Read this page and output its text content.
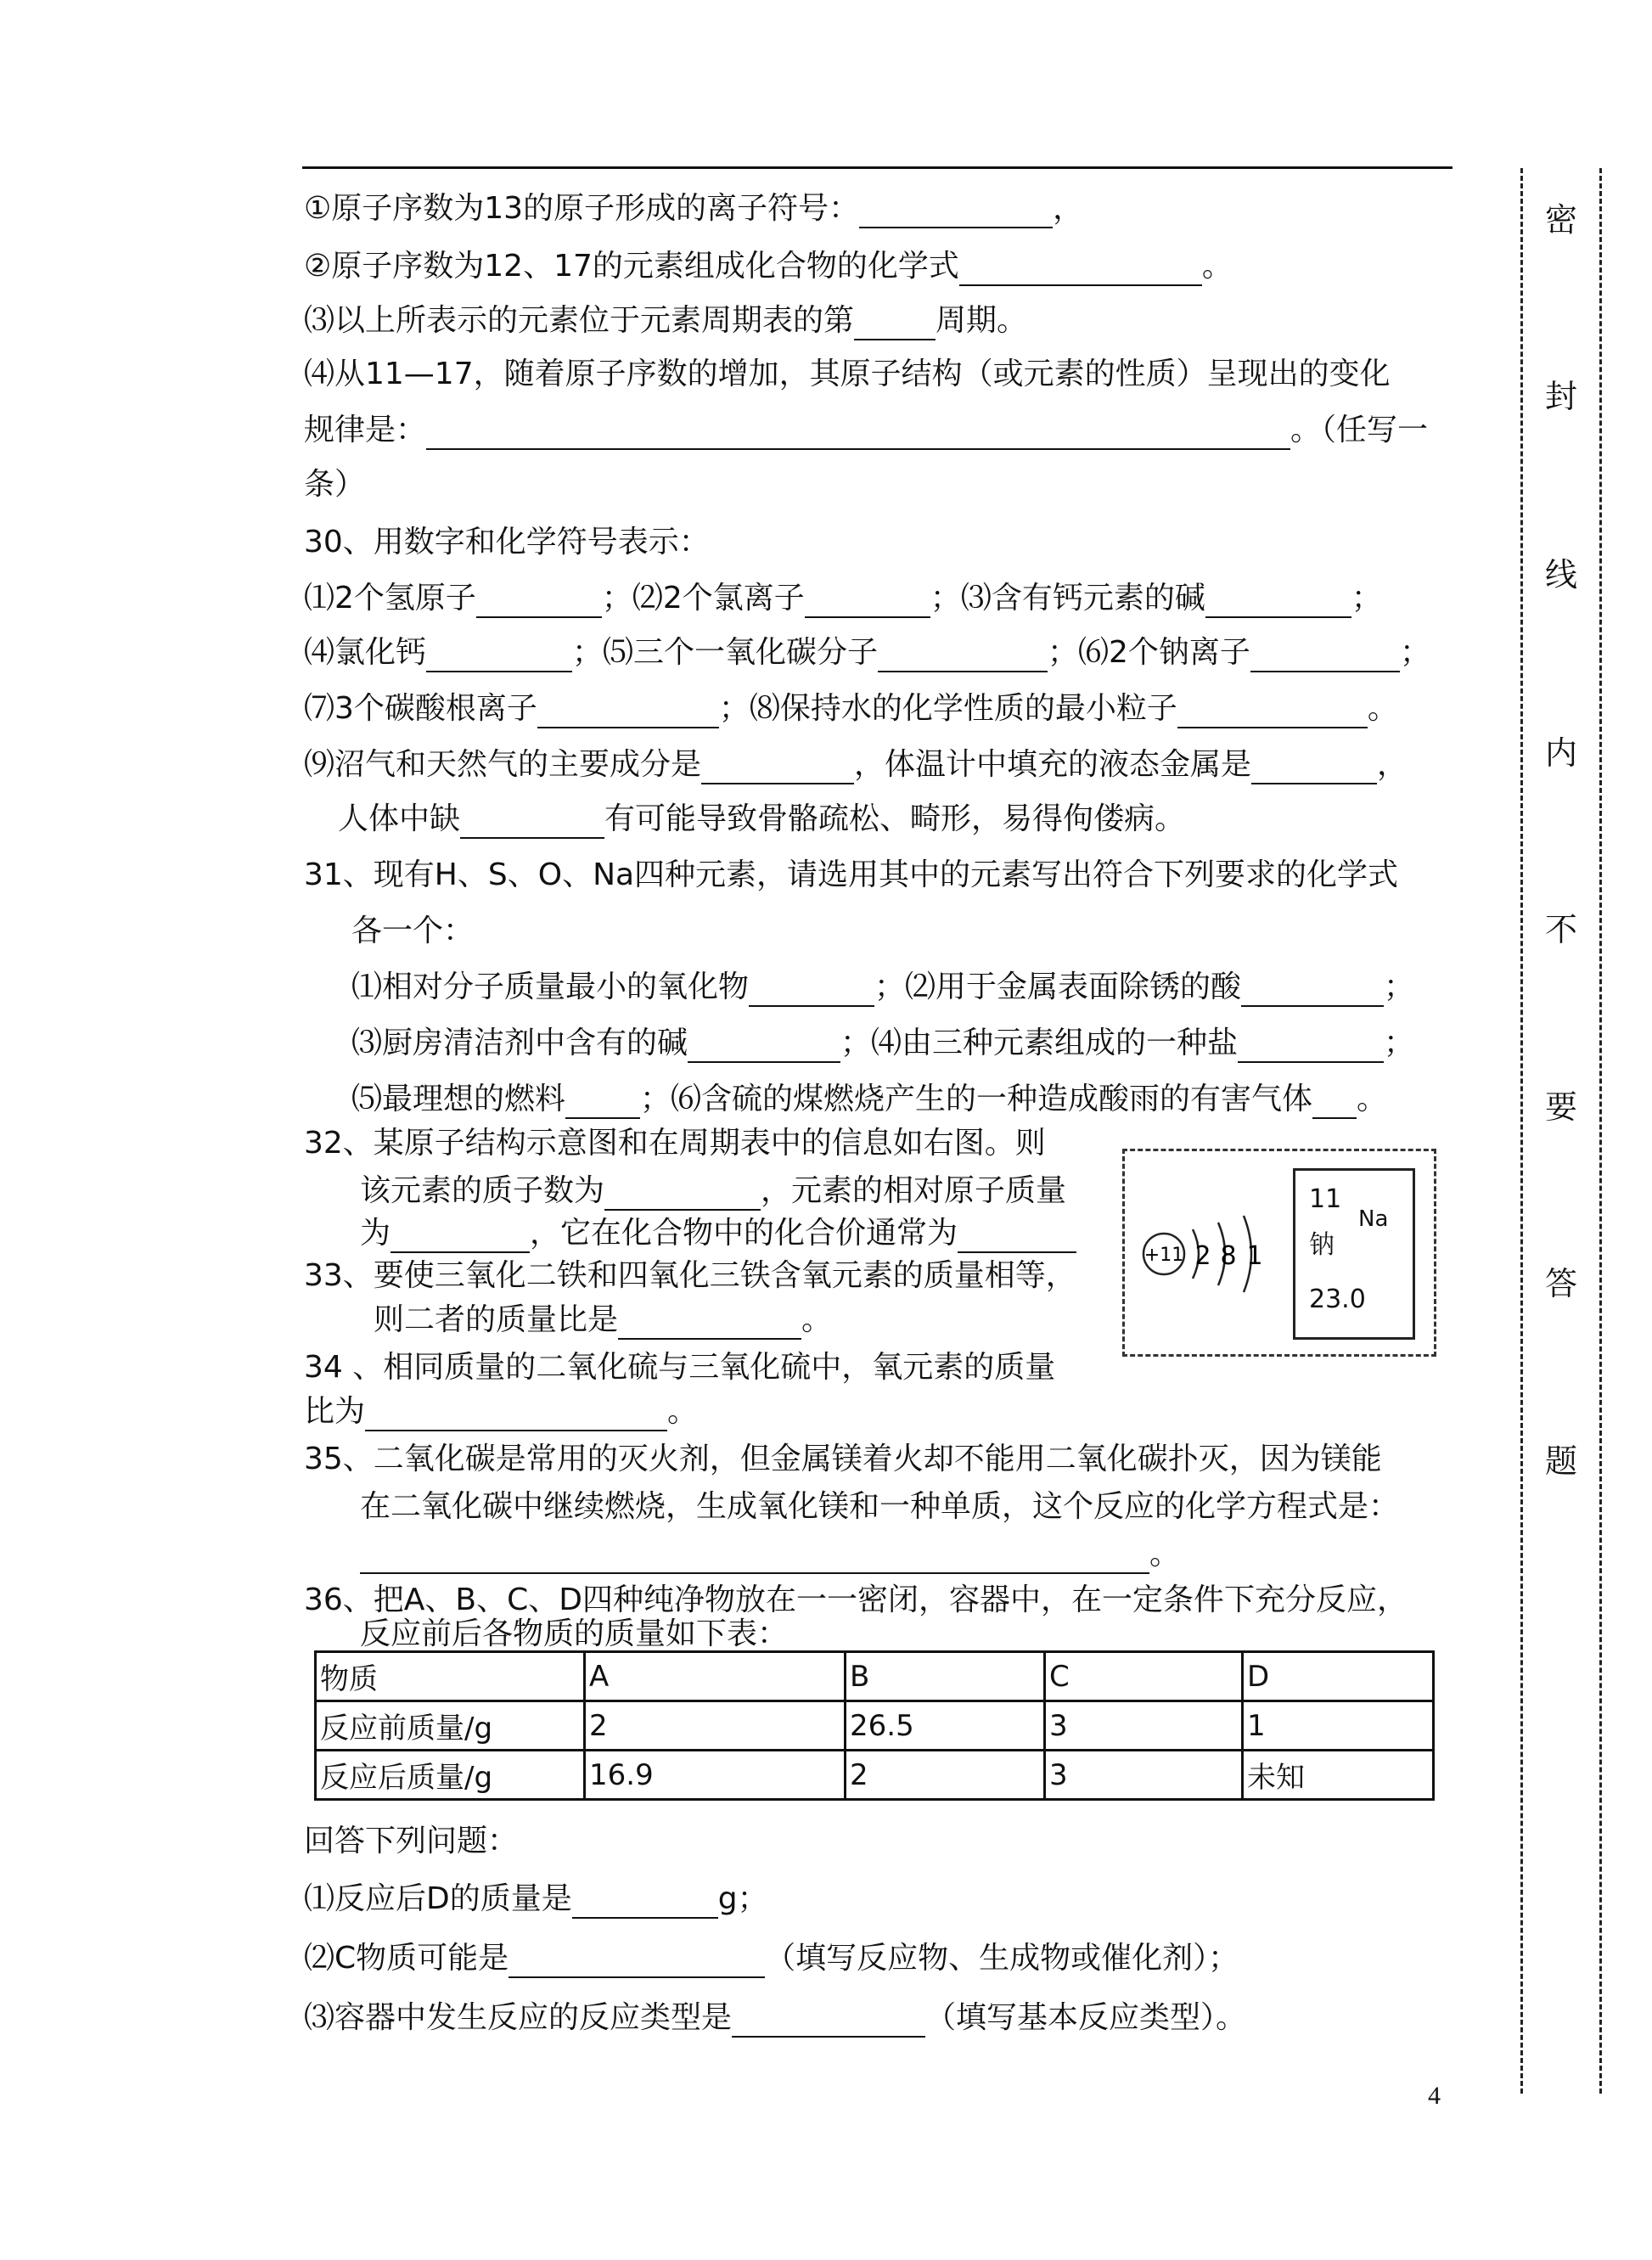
密
封
线
内
不
要
答
题
①原子序数为13的原子形成的离子符号：	，
②原子序数为12、17的元素组成化合物的化学式	。
⑶以上所表示的元素位于元素周期表的第	周期。
⑷从11—17，随着原子序数的增加，其原子结构（或元素的性质）呈现出的变化
规律是：	。（任写一
条）
30、用数字和化学符号表示：
⑴2个氢原子	；⑵2个氯离子	；⑶含有钙元素的碱	；
⑷氯化钙	；⑸三个一氧化碳分子	；⑹2个钠离子	；
⑺3个碳酸根离子	；⑻保持水的化学性质的最小粒子	。
⑼沼气和天然气的主要成分是	，体温计中填充的液态金属是	，
人体中缺	有可能导致骨骼疏松、畸形，易得佝偻病。
31、现有H、S、O、Na四种元素，请选用其中的元素写出符合下列要求的化学式
各一个：
⑴相对分子质量最小的氧化物	；⑵用于金属表面除锈的酸	；
⑶厨房清洁剂中含有的碱	；⑷由三种元素组成的一种盐	；
⑸最理想的燃料 ；⑹含硫的煤燃烧产生的一种造成酸雨的有害气体 。
32、某原子结构示意图和在周期表中的信息如右图。则
该元素的质子数为	，元素的相对原子质量
为	，它在化合物中的化合价通常为
33、要使三氧化二铁和四氧化三铁含氧元素的质量相等，
则二者的质量比是	。
34 、相同质量的二氧化硫与三氧化硫中，氧元素的质量
比为	。
+11 2 8 1
11
Na
钠
23.0
35、二氧化碳是常用的灭火剂，但金属镁着火却不能用二氧化碳扑灭，因为镁能
在二氧化碳中继续燃烧，生成氧化镁和一种单质，这个反应的化学方程式是：
。
36、把A、B、C、D四种纯净物放在一一密闭，容器中，在一定条件下充分反应，
反应前后各物质的质量如下表：
物质	A	B	C	D
反应前质量/g	2	26.5	3	1
反应后质量/g	16.9	2	3	未知
回答下列问题：
⑴反应后D的质量是	g；
⑵C物质可能是	（填写反应物、生成物或催化剂）；
⑶容器中发生反应的反应类型是	（填写基本反应类型）。
4
